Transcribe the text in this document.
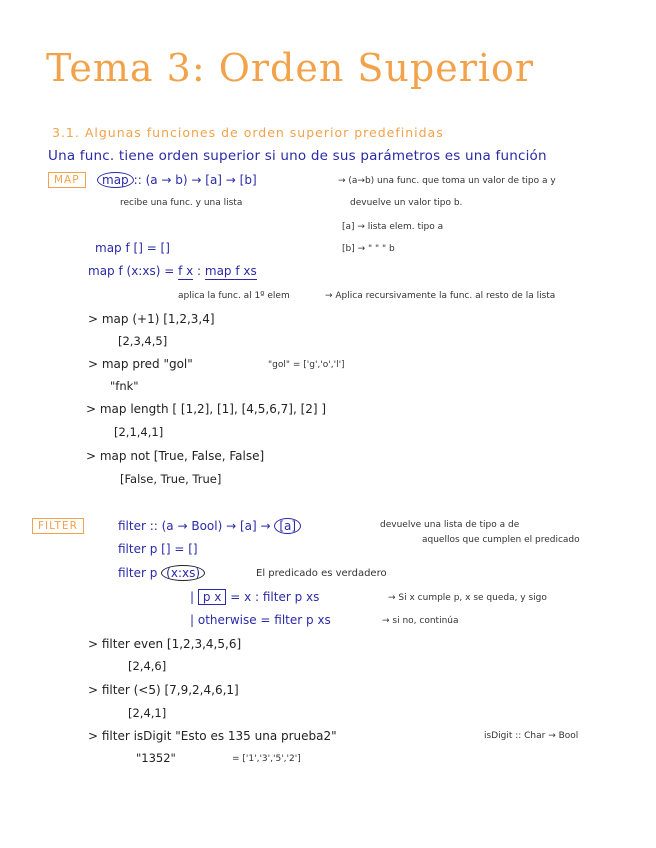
Tema 3: Orden Superior
3.1. Algunas funciones de orden superior predefinidas
Una func. tiene orden superior si uno de sus parámetros es una función
MAP	map :: (a → b) → [a] → [b]	→ (a→b) una func. que toma un valor de tipo a y
recibe una func. y una lista	devuelve un valor tipo b.
[a] → lista elem. tipo a
[b] → " " " b
map f [] = []
map f (x:xs) = f x : map f xs
aplica la func. al 1º elem	→ Aplica recursivamente la func. al resto de la lista
> map (+1) [1,2,3,4]
[2,3,4,5]
> map pred "gol"	"gol" = ['g','o','l']
"fnk"
> map length [ [1,2], [1], [4,5,6,7], [2] ]
[2,1,4,1]
> map not [True, False, False]
[False, True, True]
FILTER	filter :: (a → Bool) → [a] → [a]	devuelve una lista de tipo a de
aquellos que cumplen el predicado
filter p [] = []
filter p (x:xs)	El predicado es verdadero
| p x = x : filter p xs	→ Si x cumple p, x se queda, y sigo
| otherwise = filter p xs	→ si no, continúa
> filter even [1,2,3,4,5,6]
[2,4,6]
> filter (<5) [7,9,2,4,6,1]
[2,4,1]
> filter isDigit "Esto es 135 una prueba2"	isDigit :: Char → Bool
"1352"	= ['1','3','5','2']
